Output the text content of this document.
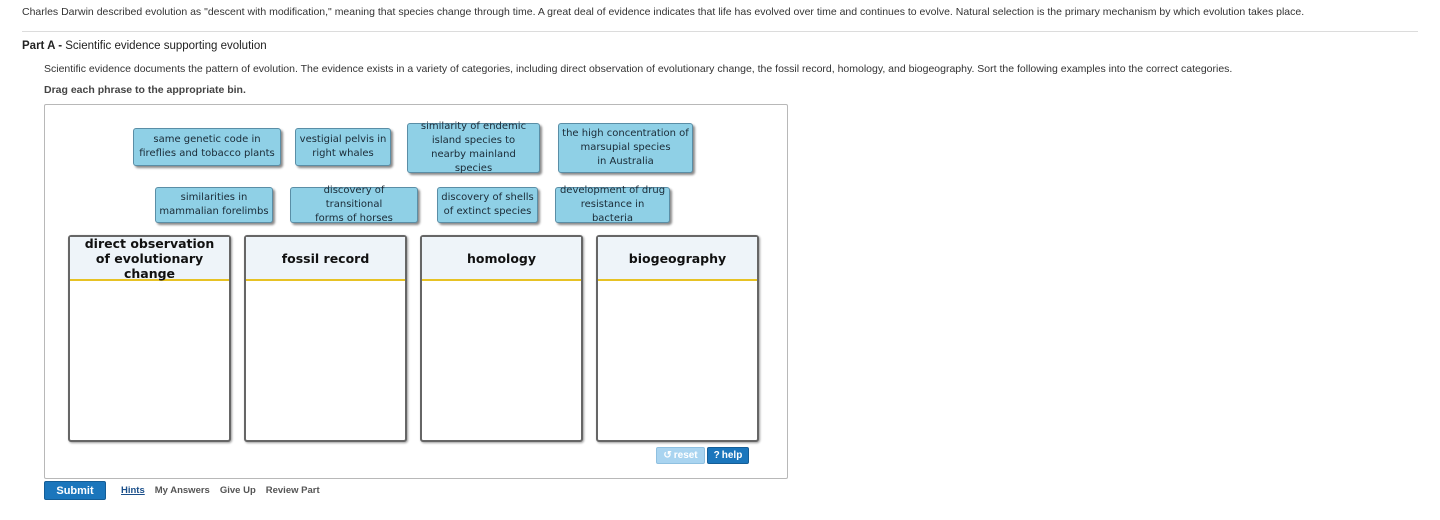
Charles Darwin described evolution as "descent with modification," meaning that species change through time. A great deal of evidence indicates that life has evolved over time and continues to evolve. Natural selection is the primary mechanism by which evolution takes place.
Part A - Scientific evidence supporting evolution
Scientific evidence documents the pattern of evolution. The evidence exists in a variety of categories, including direct observation of evolutionary change, the fossil record, homology, and biogeography. Sort the following examples into the correct categories.
Drag each phrase to the appropriate bin.
same genetic code in
fireflies and tobacco plants
vestigial pelvis in
right whales
similarity of endemic
island species to
nearby mainland species
the high concentration of
marsupial species
in Australia
similarities in
mammalian forelimbs
discovery of transitional
forms of horses
discovery of shells
of extinct species
development of drug
resistance in bacteria
direct observation of evolutionary change
fossil record	homology	biogeography
↺ reset ? help
Submit	Hints My Answers Give Up Review Part
